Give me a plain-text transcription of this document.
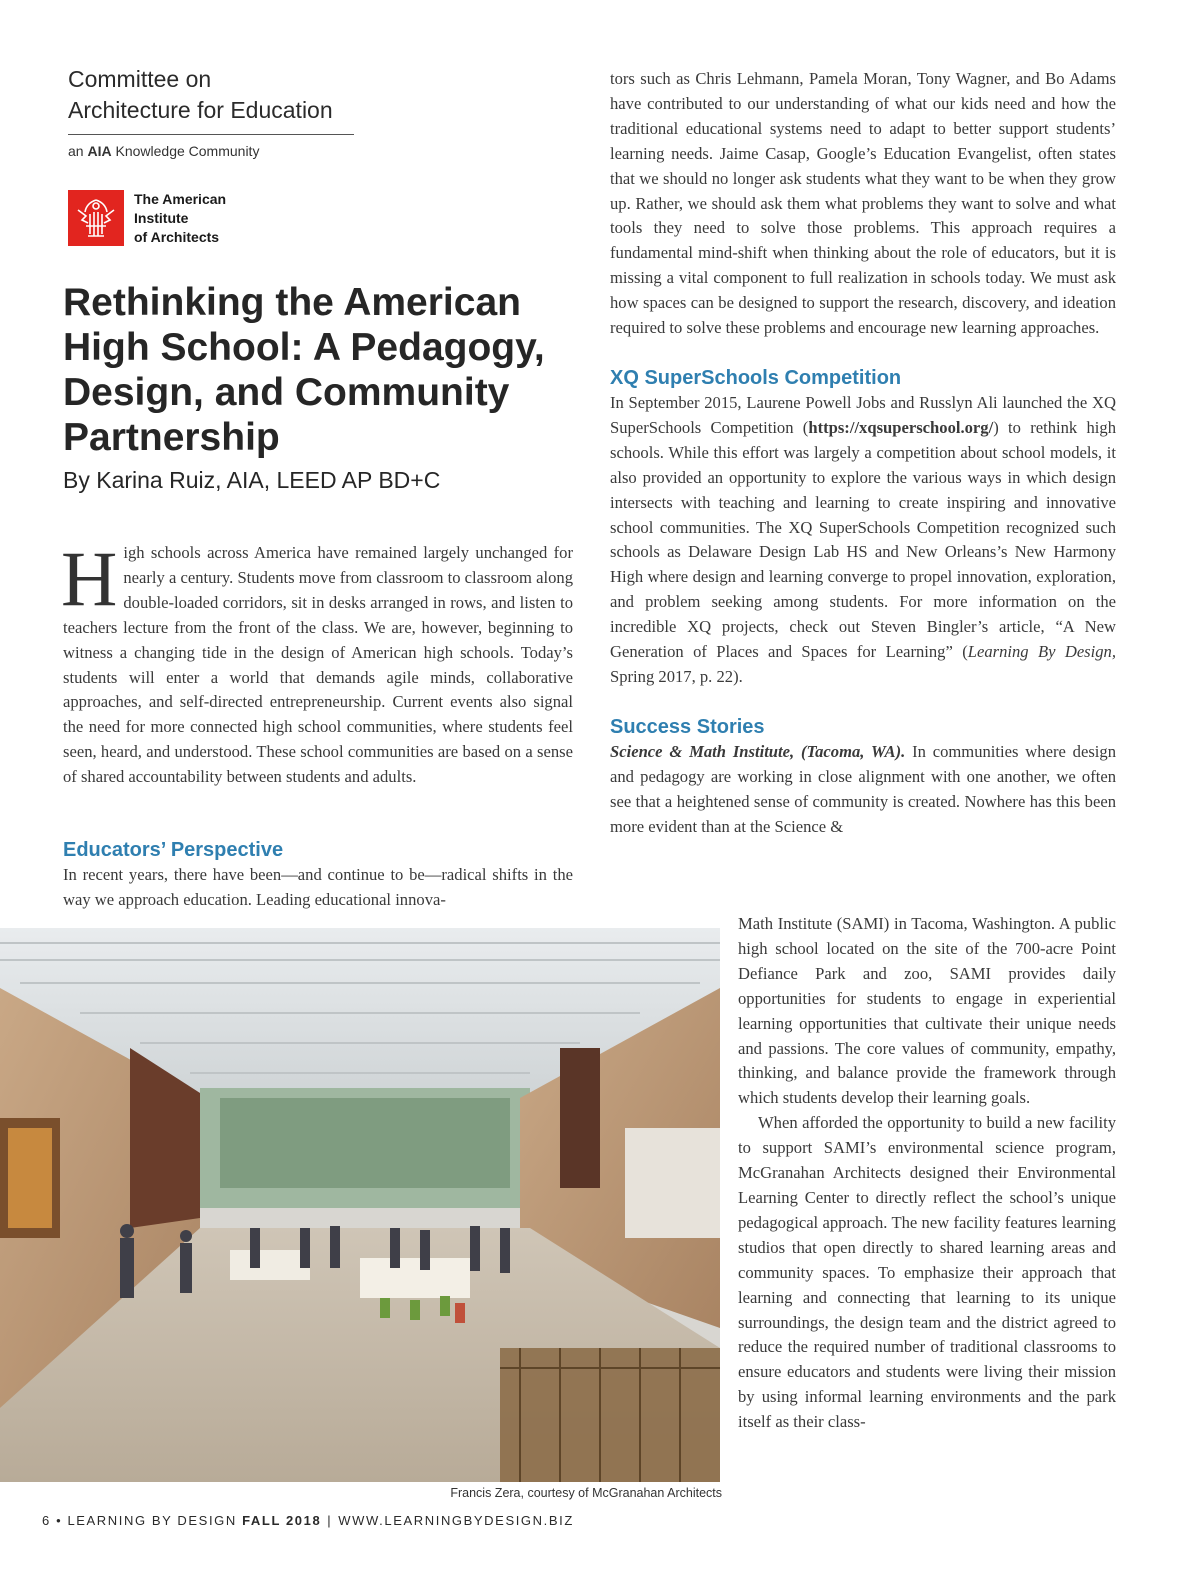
Committee on
Architecture for Education
an AIA Knowledge Community
The American
Institute
of Architects
Rethinking the American High School: A Pedagogy, Design, and Community Partnership
By Karina Ruiz, AIA, LEED AP BD+C

High schools across America have remained largely unchanged for nearly a century. Students move from classroom to classroom along double-loaded corridors, sit in desks arranged in rows, and listen to teachers lecture from the front of the class. We are, however, beginning to witness a changing tide in the design of American high schools. Today’s students will enter a world that demands agile minds, collaborative approaches, and self-directed entrepreneurship. Current events also signal the need for more connected high school communities, where students feel seen, heard, and understood. These school communities are based on a sense of shared accountability between students and adults.

Educators’ Perspective

In recent years, there have been—and continue to be—radical shifts in the way we approach education. Leading educational innova-

tors such as Chris Lehmann, Pamela Moran, Tony Wagner, and Bo Adams have contributed to our understanding of what our kids need and how the traditional educational systems need to adapt to better support students’ learning needs. Jaime Casap, Google’s Education Evangelist, often states that we should no longer ask students what they want to be when they grow up. Rather, we should ask them what problems they want to solve and what tools they need to solve those problems. This approach requires a fundamental mind-shift when thinking about the role of educators, but it is missing a vital component to full realization in schools today. We must ask how spaces can be designed to support the research, discovery, and ideation required to solve these problems and encourage new learning approaches.

XQ SuperSchools Competition

In September 2015, Laurene Powell Jobs and Russlyn Ali launched the XQ SuperSchools Competition (https://xqsuperschool.org/) to rethink high schools. While this effort was largely a competition about school models, it also provided an opportunity to explore the various ways in which design intersects with teaching and learning to create inspiring and innovative school communities. The XQ SuperSchools Competition recognized such schools as Delaware Design Lab HS and New Orleans’s New Harmony High where design and learning converge to propel innovation, exploration, and problem seeking among students. For more information on the incredible XQ projects, check out Steven Bingler’s article, “A New Generation of Places and Spaces for Learning” (Learning By Design, Spring 2017, p. 22).

Success Stories

Science & Math Institute, (Tacoma, WA). In communities where design and pedagogy are working in close alignment with one another, we often see that a heightened sense of community is created. Nowhere has this been more evident than at the Science &

Math Institute (SAMI) in Tacoma, Washington. A public high school located on the site of the 700-acre Point Defiance Park and zoo, SAMI provides daily opportunities for students to engage in experiential learning opportunities that cultivate their unique needs and passions. The core values of community, empathy, thinking, and balance provide the framework through which students develop their learning goals.

When afforded the opportunity to build a new facility to support SAMI’s environmental science program, McGranahan Architects designed their Environmental Learning Center to directly reflect the school’s unique pedagogical approach. The new facility features learning studios that open directly to shared learning areas and community spaces. To emphasize their approach that learning and connecting that learning to its unique surroundings, the design team and the district agreed to reduce the required number of traditional classrooms to ensure educators and students were living their mission by using informal learning environments and the park itself as their class-

Francis Zera, courtesy of McGranahan Architects
6 • LEARNING BY DESIGN FALL 2018 | WWW.LEARNINGBYDESIGN.BIZ
